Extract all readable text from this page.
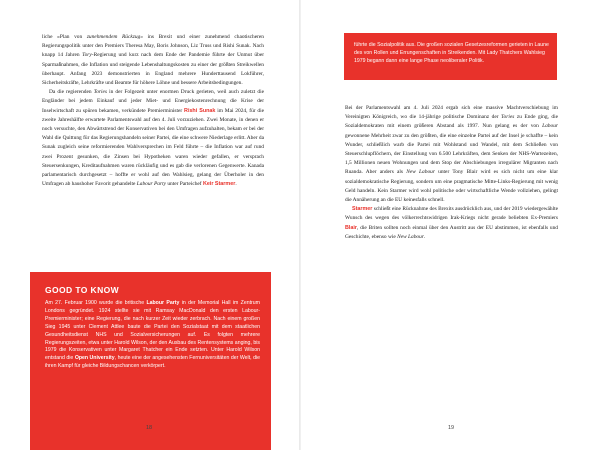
liche »Plan von zunehmendem Rückzug« ins Brexit und einer zunehmend chaotischeren Regierungspolitik unter den Premiers Theresa May, Boris Johnson, Liz Truss und Rishi Sunak. Nach knapp 14 Jahren Tory-Regierung und kurz nach dem Ende der Pandemie führte der Unmut über Sparmaßnahmen, die Inflation und steigende Lebenshaltungskosten zu einer der größten Streikwellen überhaupt. Anfang 2023 demonstrierten in England mehrere Hunderttausend Lokführer, Sicherheitskräfte, Lehrkräfte und Beamte für höhere Löhne und bessere Arbeitsbedingungen.

Da die regierenden Tories in der Folgezeit unter enormen Druck gerieten, weil auch zuletzt die Engländer bei jedem Einkauf und jeder Miet- und Energiekostenrechnung die Krise der Inselwirtschaft zu spüren bekamen, verkündete Premierminister Rishi Sunak im Mai 2024, für die zweite Jahreshälfte erwartete Parlamentswahl auf den 4. Juli vorzuziehen. Zwei Monate, in denen er noch versuchte, den Abwärtstrend der Konservativen bei den Umfragen aufzuhalten, bekam er bei der Wahl die Quittung für das Regierungshandeln seiner Partei, die eine schwere Niederlage erlitt. Aber da Sunak zugleich seine reformierenden Wahlversprechen im Feld führte – die Inflation war auf rund zwei Prozent gesunken, die Zinsen bei Hypotheken waren wieder gefallen, er versprach Steuersenkungen, Kreditaufnahmen waren rückläufig und es gab die verlorenen Gegenwerte. Kanada parlamentarisch durchgesetzt – hoffte er wohl auf den Wahlsieg, gelang der Überholer in den Umfragen ab haushoher Favorit gehandelte Labour Party unter Parteichef Keir Starmer.

GOOD TO KNOW
Am 27. Februar 1900 wurde die britische Labour Party in der Memorial Hall im Zentrum Londons gegründet. 1924 stellte sie mit Ramsay MacDonald den ersten Labour-Premierminister; eine Regierung, die nach kurzer Zeit wieder zerbrach. Nach einem großen Sieg 1945 unter Clement Attlee baute die Partei den Sozialstaat mit dem staatlichen Gesundheitsdienst NHS und Sozialversicherungen auf. Es folgten mehrere Regierungszeiten, etwa unter Harold Wilson, der den Ausbau des Rentensystems anging, bis 1979 die Konservativen unter Margaret Thatcher ein Ende setzten. Unter Harold Wilson entstand die Open University, heute eine der angesehensten Fernuniversitäten der Welt, die ihren Kampf für gleiche Bildungschancen verkörpert.
18
führte die Sozialpolitik aus. Die großen sozialen Gesetzesreformen gerieten in Laune des von Rollen und Errungenschaften in Streikenden. Mit Lady Thatchers Wahlsieg 1979 begann dann eine lange Phase neoliberaler Politik.

Bei der Parlamentswahl am 4. Juli 2024 ergab sich eine massive Machtverschiebung im Vereinigten Königreich, wo die 14-jährige politische Dominanz der Tories zu Ende ging, die Sozialdemokraten mit einem größeren Abstand als 1997. Nun gelang es der von Labour gewonnene Mehrheit zwar zu den größten, die eine einzelne Partei auf der Insel je schaffte – kein Wunder, schließlich warb die Partei mit Wohlstand und Wandel, mit dem Schließen von Steuerschlupflöchern, der Einstellung von 6.500 Lehrkräften, dem Senken der NHS-Wartezeiten, 1,5 Millionen neuen Wohnungen und dem Stop der Abschiebungen irregulärer Migranten nach Ruanda. Aber anders als New Labour unter Tony Blair wird es sich nicht um eine klar sozialdemokratische Regierung, sondern um eine pragmatische Mitte-Links-Regierung mit wenig Geld handeln. Kein Starmer wird wohl politische oder wirtschaftliche Wende vollziehen, gelingt die Annäherung an die EU keinesfalls schnell.

Starmer schließt eine Rücknahme des Brexits ausdrücklich aus, und der 2019 wiedergewählte Wunsch des wegen des völkerrechtswidrigen Irak-Kriegs nicht gerade beliebten Ex-Premiers Blair, die Briten sollten noch einmal über den Austritt aus der EU abstimmen, ist ebenfalls und Geschichte, ebenso wie New Labour.

19
